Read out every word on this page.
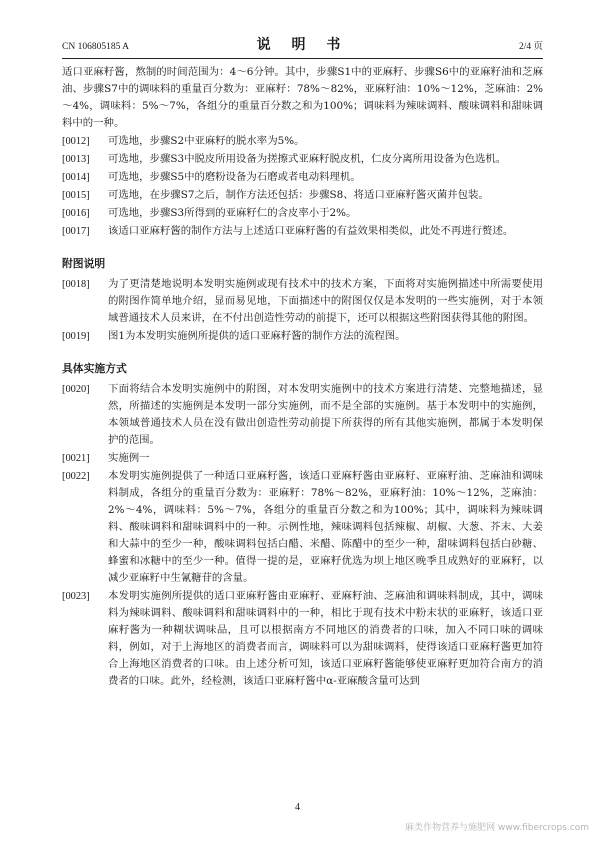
CN 106805185 A	说 明 书	2/4 页

适口亚麻籽酱，熬制的时间范围为：4～6分钟。其中，步骤S1中的亚麻籽、步骤S6中的亚麻籽油和芝麻油、步骤S7中的调味料的重量百分数为：亚麻籽：78%～82%，亚麻籽油：10%～12%，芝麻油：2%～4%，调味料：5%～7%，各组分的重量百分数之和为100%；调味料为辣味调料、酸味调料和甜味调料中的一种。

[0012] 可选地，步骤S2中亚麻籽的脱水率为5%。
[0013] 可选地，步骤S3中脱皮所用设备为搓擦式亚麻籽脱皮机，仁皮分离所用设备为色选机。
[0014] 可选地，步骤S5中的磨粉设备为石磨或者电动料理机。
[0015] 可选地，在步骤S7之后，制作方法还包括：步骤S8、将适口亚麻籽酱灭菌并包装。
[0016] 可选地，步骤S3所得到的亚麻籽仁的含皮率小于2%。
[0017] 该适口亚麻籽酱的制作方法与上述适口亚麻籽酱的有益效果相类似，此处不再进行赘述。
附图说明
[0018] 为了更清楚地说明本发明实施例或现有技术中的技术方案，下面将对实施例描述中所需要使用的附图作简单地介绍，显而易见地，下面描述中的附图仅仅是本发明的一些实施例，对于本领域普通技术人员来讲，在不付出创造性劳动的前提下，还可以根据这些附图获得其他的附图。
[0019] 图1为本发明实施例所提供的适口亚麻籽酱的制作方法的流程图。
具体实施方式
[0020] 下面将结合本发明实施例中的附图，对本发明实施例中的技术方案进行清楚、完整地描述，显然，所描述的实施例是本发明一部分实施例，而不是全部的实施例。基于本发明中的实施例，本领域普通技术人员在没有做出创造性劳动前提下所获得的所有其他实施例，都属于本发明保护的范围。
[0021] 实施例一
[0022] 本发明实施例提供了一种适口亚麻籽酱，该适口亚麻籽酱由亚麻籽、亚麻籽油、芝麻油和调味料制成，各组分的重量百分数为：亚麻籽：78%～82%，亚麻籽油：10%～12%，芝麻油：2%～4%，调味料：5%～7%，各组分的重量百分数之和为100%；其中，调味料为辣味调料、酸味调料和甜味调料中的一种。示例性地，辣味调料包括辣椒、胡椒、大葱、芥末、大姜和大蒜中的至少一种，酸味调料包括白醋、米醋、陈醋中的至少一种，甜味调料包括白砂糖、蜂蜜和冰糖中的至少一种。值得一提的是，亚麻籽优选为坝上地区晚季且成熟好的亚麻籽，以减少亚麻籽中生氰糖苷的含量。
[0023] 本发明实施例所提供的适口亚麻籽酱由亚麻籽、亚麻籽油、芝麻油和调味料制成，其中，调味料为辣味调料、酸味调料和甜味调料中的一种，相比于现有技术中粉末状的亚麻籽，该适口亚麻籽酱为一种糊状调味品，且可以根据南方不同地区的消费者的口味，加入不同口味的调味料，例如，对于上海地区的消费者而言，调味料可以为甜味调料，使得该适口亚麻籽酱更加符合上海地区消费者的口味。由上述分析可知，该适口亚麻籽酱能够使亚麻籽更加符合南方的消费者的口味。此外，经检测，该适口亚麻籽酱中α-亚麻酸含量可达到
4
麻类作物营养与施肥网 www.fibercrops.com
